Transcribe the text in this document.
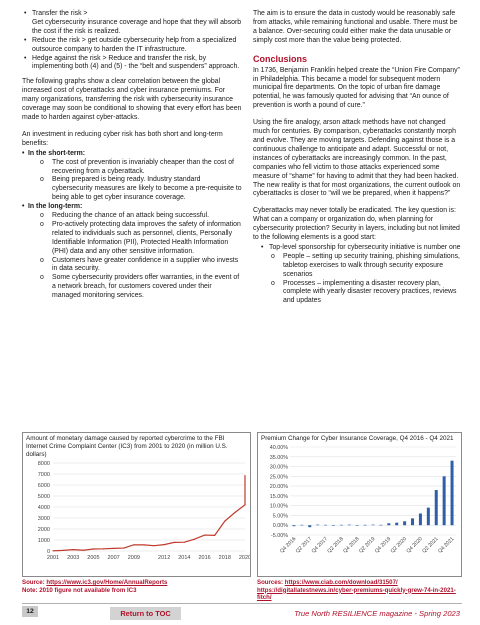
• Transfer the risk >
Get cybersecurity insurance coverage and hope that they will absorb the cost if the risk is realized.
• Reduce the risk > get outside cybersecurity help from a specialized outsource company to harden the IT infrastructure.
• Hedge against the risk > Reduce and transfer the risk, by implementing both (4) and (5) - the “belt and suspenders” approach.

The following graphs show a clear correlation between the global increased cost of cyberattacks and cyber insurance premiums. For many organizations, transferring the risk with cybersecurity insurance coverage may soon be conditional to showing that every effort has been made to harden against cyber-attacks.

An investment in reducing cyber risk has both short and long-term benefits:

• In the short-term:
o The cost of prevention is invariably cheaper than the cost of recovering from a cyberattack.
o Being prepared is being ready. Industry standard cybersecurity measures are likely to become a pre-requisite to being able to get cyber insurance coverage.
• In the long-term:
o Reducing the chance of an attack being successful.
o Pro-actively protecting data improves the safety of information related to individuals such as personnel, clients, Personally Identifiable Information (PII), Protected Health Information (PHI) data and any other sensitive information.
o Customers have greater confidence in a supplier who invests in data security.
o Some cybersecurity providers offer warranties, in the event of a network breach, for customers covered under their managed monitoring services.

The aim is to ensure the data in custody would be reasonably safe from attacks, while remaining functional and usable. There must be a balance. Over-securing could either make the data unusable or simply cost more than the value being protected.

Conclusions

In 1736, Benjamin Franklin helped create the “Union Fire Company” in Philadelphia. This became a model for subsequent modern municipal fire departments. On the topic of urban fire damage potential, he was famously quoted for advising that “An ounce of prevention is worth a pound of cure.”

Using the fire analogy, arson attack methods have not changed much for centuries. By comparison, cyberattacks constantly morph and evolve. They are moving targets. Defending against those is a continuous challenge to anticipate and adapt. Successful or not, instances of cyberattacks are increasingly common. In the past, companies who fell victim to those attacks experienced some measure of “shame” for having to admit that they had been hacked. The new reality is that for most organizations, the current outlook on cyberattacks is closer to “will we be prepared, when it happens?”

Cyberattacks may never totally be eradicated. The key question is: What can a company or organization do, when planning for cybersecurity protection? Security in layers, including but not limited to the following elements is a good start:

• Top-level sponsorship for cybersecurity initiative is number one
o People – setting up security training, phishing simulations, tabletop exercises to walk through security exposure scenarios
o Processes – implementing a disaster recovery plan, complete with yearly disaster recovery practices, reviews and updates
Amount of monetary damage caused by reported cybercrime to the FBI Internet Crime Complaint Center (IC3) from 2001 to 2020 (in million U.S. dollars)
0
1000
2000
3000
4000
5000
6000
7000
8000
2001 2003 2005 2007 2009	2012 2014 2016 2018 2020
Premium Change for Cyber Insurance Coverage, Q4 2016 - Q4 2021
-5.00%
0.00%
5.00%
10.00%
15.00%
20.00%
25.00%
30.00%
35.00%
40.00%
Q4 2016
Q2 2017
Q4 2017
Q2 2018
Q4 2018
Q2 2019
Q4 2019
Q2 2020
Q4 2020
Q2 2021
Q4 2021
Source: https://www.ic3.gov/Home/AnnualReports
Note: 2010 figure not available from IC3
Sources: https://www.ciab.com/download/31507/
https://digitallatestnews.in/cyber-premiums-quickly-grew-74-in-2021-fitch/
12	Return to TOC	True North RESILIENCE magazine - Spring 2023
